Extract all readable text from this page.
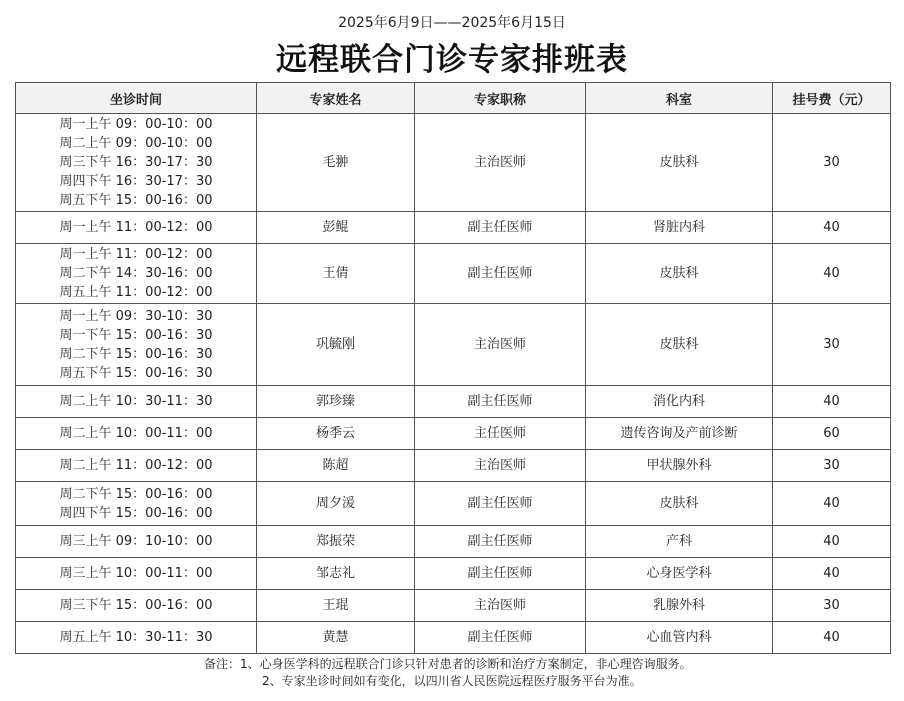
2025年6月9日——2025年6月15日
远程联合门诊专家排班表
坐诊时间	专家姓名	专家职称	科室	挂号费（元）

周一上午 09：00-10：00
周二上午 09：00-10：00
周三下午 16：30-17：30
周四下午 16：30-17：30
周五下午 15：00-16：00	毛翀	主治医师	皮肤科	30

周一上午 11：00-12：00	彭鲲	副主任医师	肾脏内科	40

周一上午 11：00-12：00
周二下午 14：30-16：00
周五上午 11：00-12：00	王倩	副主任医师	皮肤科	40

周一上午 09：30-10：30
周一下午 15：00-16：30
周二下午 15：00-16：30
周五下午 15：00-16：30	巩毓刚	主治医师	皮肤科	30

周二上午 10：30-11：30	郭珍臻	副主任医师	消化内科	40

周二上午 10：00-11：00	杨季云	主任医师	遗传咨询及产前诊断	60

周二上午 11：00-12：00	陈超	主治医师	甲状腺外科	30

周二下午 15：00-16：00
周四下午 15：00-16：00	周夕湲	副主任医师	皮肤科	40

周三上午 09：10-10：00	郑振荣	副主任医师	产科	40

周三上午 10：00-11：00	邹志礼	副主任医师	心身医学科	40

周三下午 15：00-16：00	王琨	主治医师	乳腺外科	30

周五上午 10：30-11：30	黄慧	副主任医师	心血管内科	40
备注：1、心身医学科的远程联合门诊只针对患者的诊断和治疗方案制定，非心理咨询服务。
2、专家坐诊时间如有变化，以四川省人民医院远程医疗服务平台为准。
